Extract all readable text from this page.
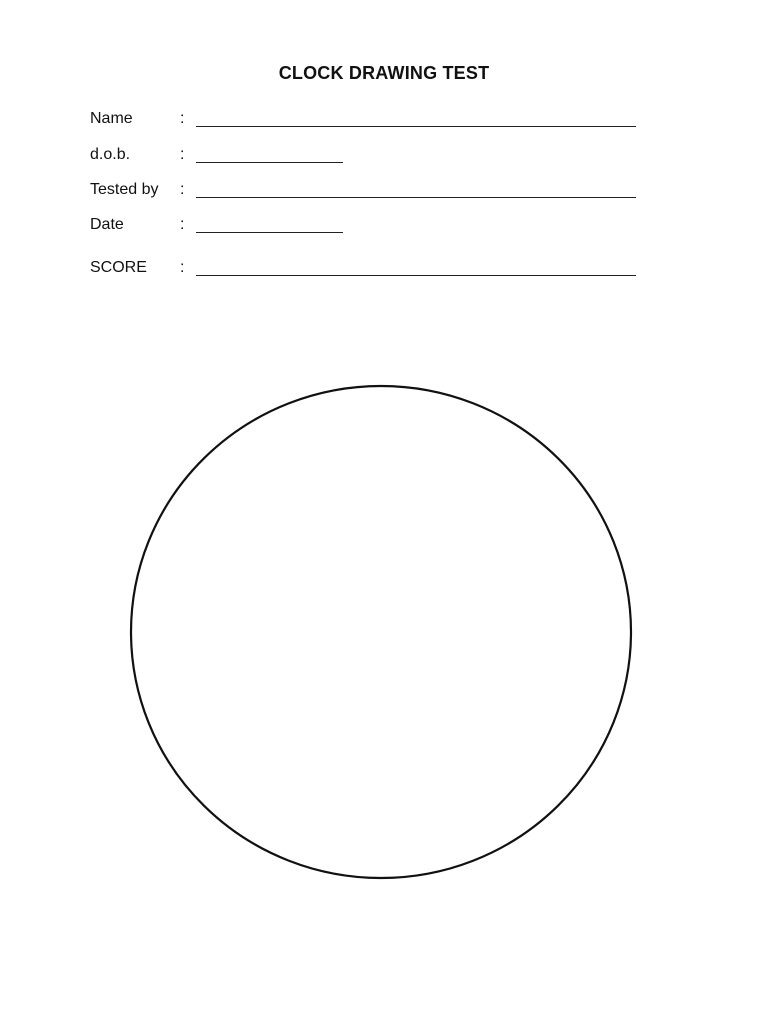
CLOCK DRAWING TEST
Name	:
d.o.b.	:
Tested by :
Date	:
SCORE :
